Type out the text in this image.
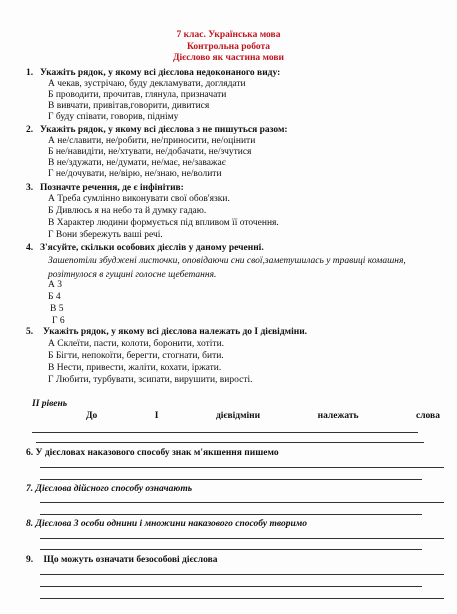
7 клас. Українська мова
Контрольна робота
Дієслово як частина мови
1. Укажіть рядок, у якому всі дієслова недоконаного виду:
А чекав, зустрічаю, буду декламувати, доглядати
Б проводити, прочитав, глянула, призначати
В вивчати, привітав,говорити, дивитися
Г буду співати, говорив, підніму
2. Укажіть рядок, у якому всі дієслова з не пишуться разом:
А не/славити, не/робити, не/приносити, не/оцінити
Б не/навидіти, не/хтувати, не/добачати, не/зчутися
В не/здужати, не/думати, не/має, не/заважає
Г не/дочувати, не/вірю, не/знаю, не/волити
3. Позначте речення, де є інфінітив:
А Треба сумлінно виконувати свої обов'язки.
Б Дивлюсь я на небо та й думку гадаю.
В Характер людини формується під впливом її оточення.
Г Вони збережуть ваші речі.
4. З'ясуйте, скільки особових дієслів у даному реченні.
Зашепотіли збуджені листочки, оповідаючи сни свої,заметушилась у травиці комашня, розітнулося в гущині голосне щебетання.
А 3
Б 4
В 5
Г 6
5. Укажіть рядок, у якому всі дієслова належать до I дієвідміни.
А Склеїти, пасти, колоти, боронити, хотіти.
Б Бігти, непокоїти, берегти, стогнати, бити.
В Нести, привести, жаліти, кохати, іржати.
Г Любити, турбувати, зсипати, вирушити, виростi.
II рівень
До	I	дієвідміни	належать	слова
6. У дієсловах наказового способу знак м'якшення пишемо
7. Дієслова дійсного способу означають
8. Дієслова 3 особи однини і множини наказового способу творимо
9. Що можуть означати безособові дієслова
